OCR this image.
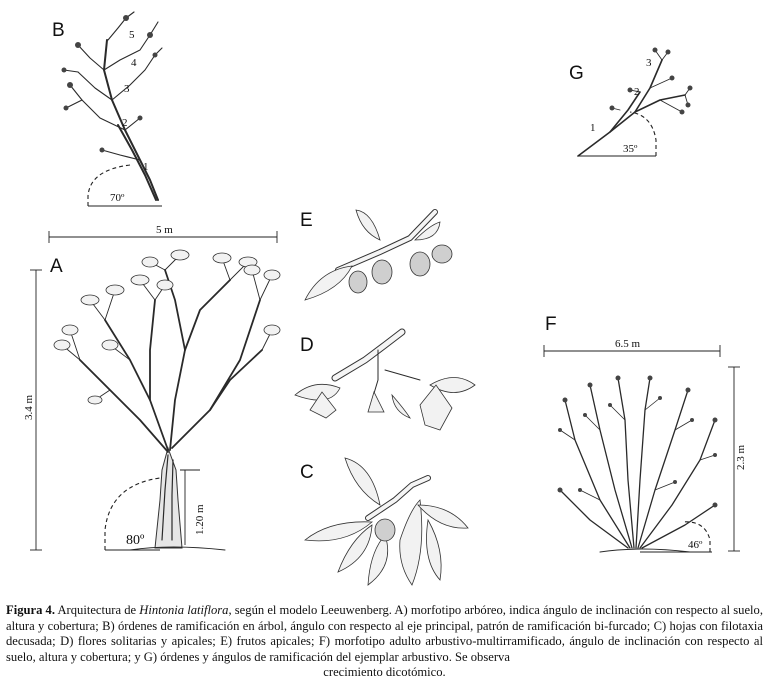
B
70º
1
2
3
4
5
A
5 m
3.4 m
1.20 m
80º
E
D
C
G
35º
1
2
3
F
6.5 m
2.3 m
46º
Figura 4. Arquitectura de Hintonia latiflora, según el modelo Leeuwenberg. A) morfotipo arbóreo, indica ángulo de inclinación con respecto al suelo, altura y cobertura; B) órdenes de ramificación en árbol, ángulo con respecto al eje principal, patrón de ramificación bi-furcado; C) hojas con filotaxia decusada; D) flores solitarias y apicales; E) frutos apicales; F) morfotipo adulto arbustivo-multirramificado, ángulo de inclinación con respecto al suelo, altura y cobertura; y G) órdenes y ángulos de ramificación del ejemplar arbustivo. Se observa
crecimiento dicotómico.
